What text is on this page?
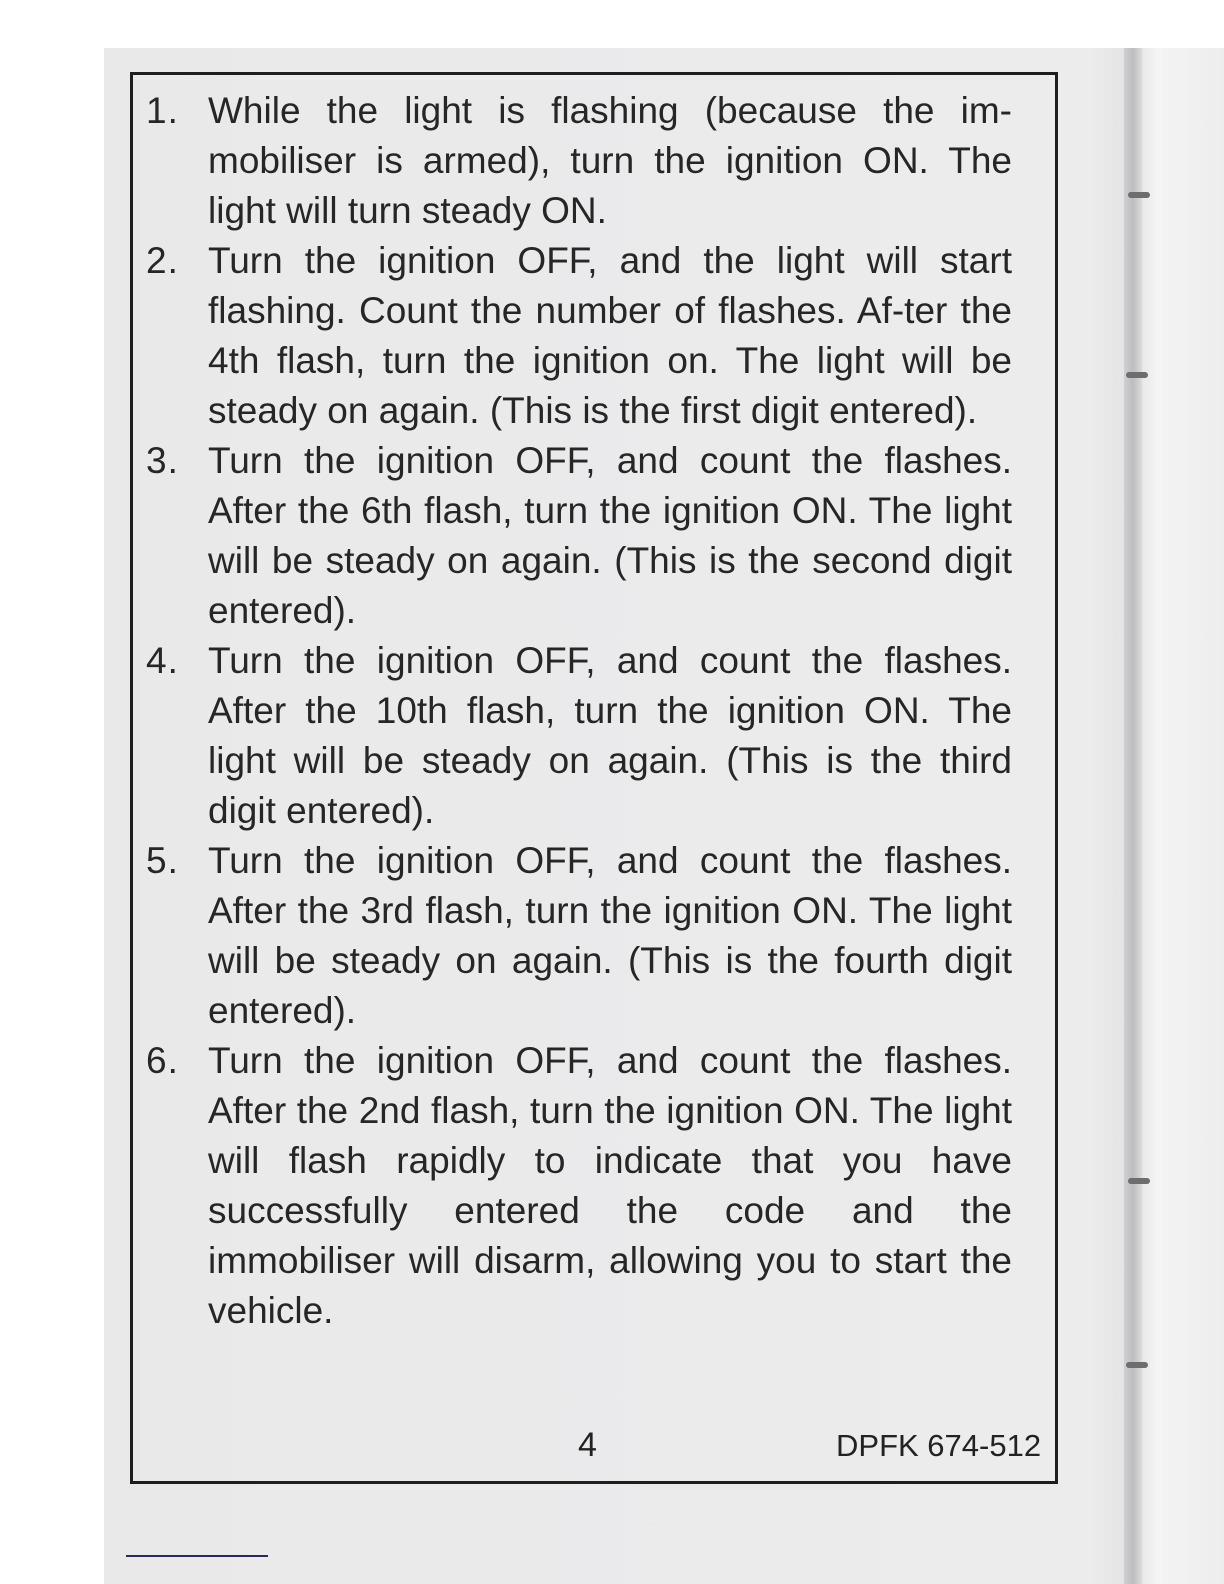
1. While the light is flashing (because the im-mobiliser is armed), turn the ignition ON. The light will turn steady ON.
2. Turn the ignition OFF, and the light will start flashing. Count the number of flashes. Af-ter the 4th flash, turn the ignition on. The light will be steady on again. (This is the first digit entered).
3. Turn the ignition OFF, and count the flashes. After the 6th flash, turn the ignition ON. The light will be steady on again. (This is the second digit entered).
4. Turn the ignition OFF, and count the flashes. After the 10th flash, turn the ignition ON. The light will be steady on again. (This is the third digit entered).
5. Turn the ignition OFF, and count the flashes. After the 3rd flash, turn the ignition ON. The light will be steady on again. (This is the fourth digit entered).
6. Turn the ignition OFF, and count the flashes. After the 2nd flash, turn the ignition ON. The light will flash rapidly to indicate that you have successfully entered the code and the immobiliser will disarm, allowing you to start the vehicle.
4	DPFK 674-512
